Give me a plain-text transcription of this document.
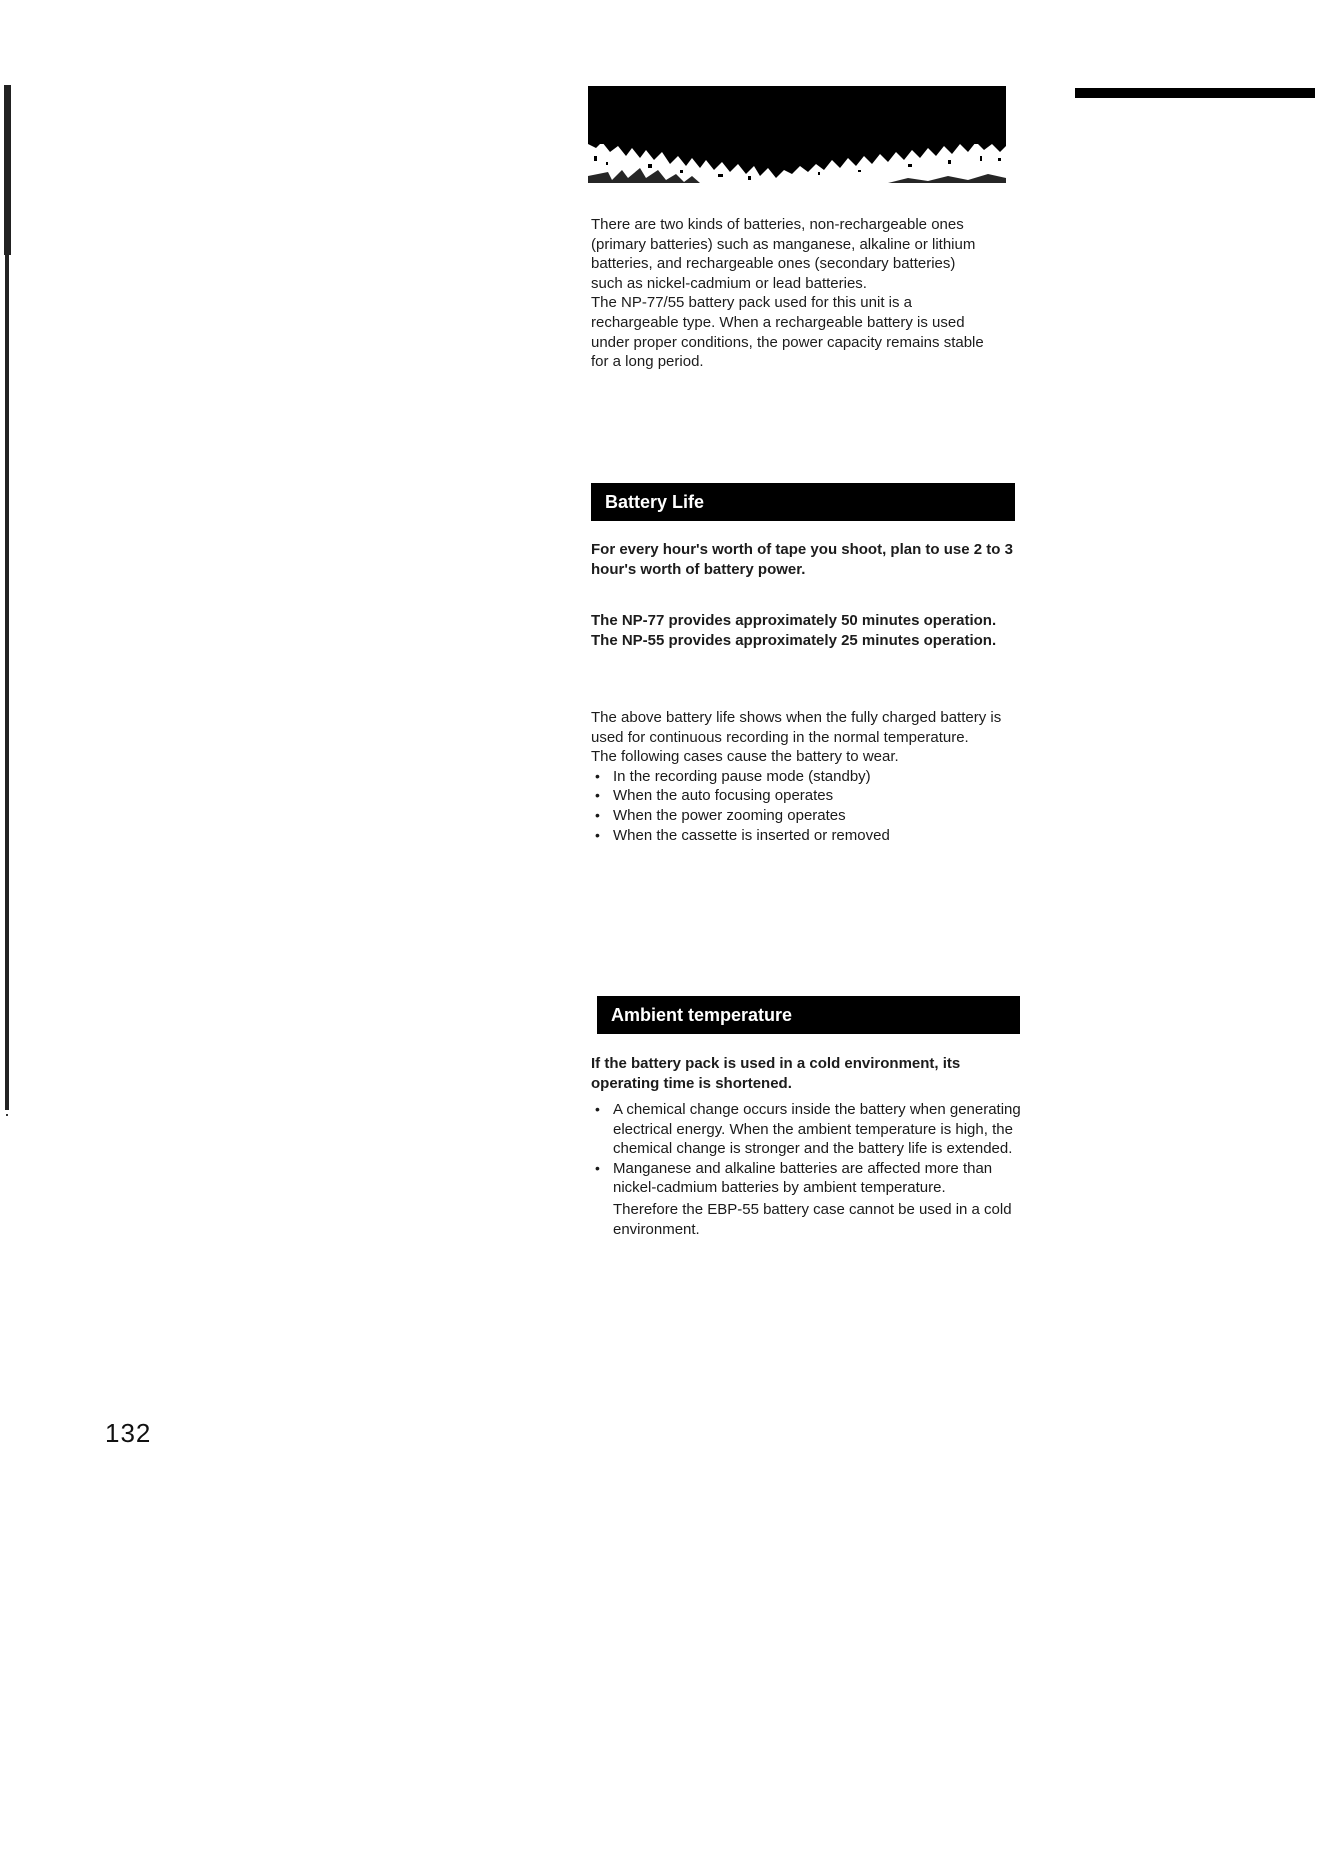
There are two kinds of batteries, non-rechargeable ones (primary batteries) such as manganese, alkaline or lithium batteries, and rechargeable ones (secondary batteries) such as nickel-cadmium or lead batteries.

The NP-77/55 battery pack used for this unit is a rechargeable type. When a rechargeable battery is used under proper conditions, the power capacity remains stable for a long period.

Battery Life

For every hour's worth of tape you shoot, plan to use 2 to 3 hour's worth of battery power.

The NP-77 provides approximately 50 minutes operation.

The NP-55 provides approximately 25 minutes operation.

The above battery life shows when the fully charged battery is used for continuous recording in the normal temperature.

The following cases cause the battery to wear.

• In the recording pause mode (standby)
• When the auto focusing operates
• When the power zooming operates
• When the cassette is inserted or removed
Ambient temperature

If the battery pack is used in a cold environment, its operating time is shortened.

• A chemical change occurs inside the battery when generating electrical energy. When the ambient temperature is high, the chemical change is stronger and the battery life is extended.
• Manganese and alkaline batteries are affected more than nickel-cadmium batteries by ambient temperature.
Therefore the EBP-55 battery case cannot be used in a cold environment.
132
